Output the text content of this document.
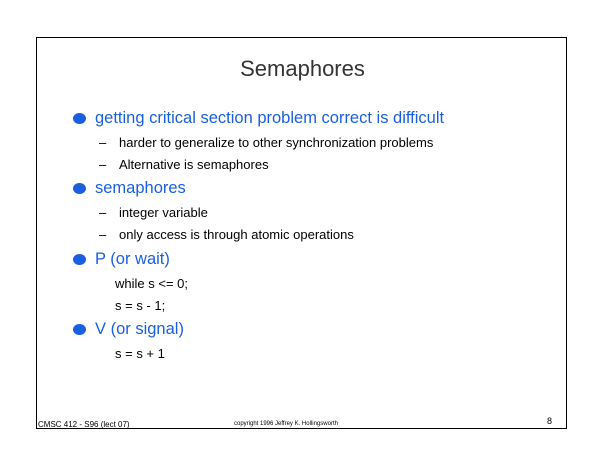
Semaphores
getting critical section problem correct is difficult
– harder to generalize to other synchronization problems
– Alternative is semaphores
semaphores
– integer variable
– only access is through atomic operations
P (or wait)
while s <= 0;
s = s - 1;
V (or signal)
s = s + 1
CMSC 412 - S96 (lect 07)	copyright 1996 Jeffrey K. Hollingsworth	8
